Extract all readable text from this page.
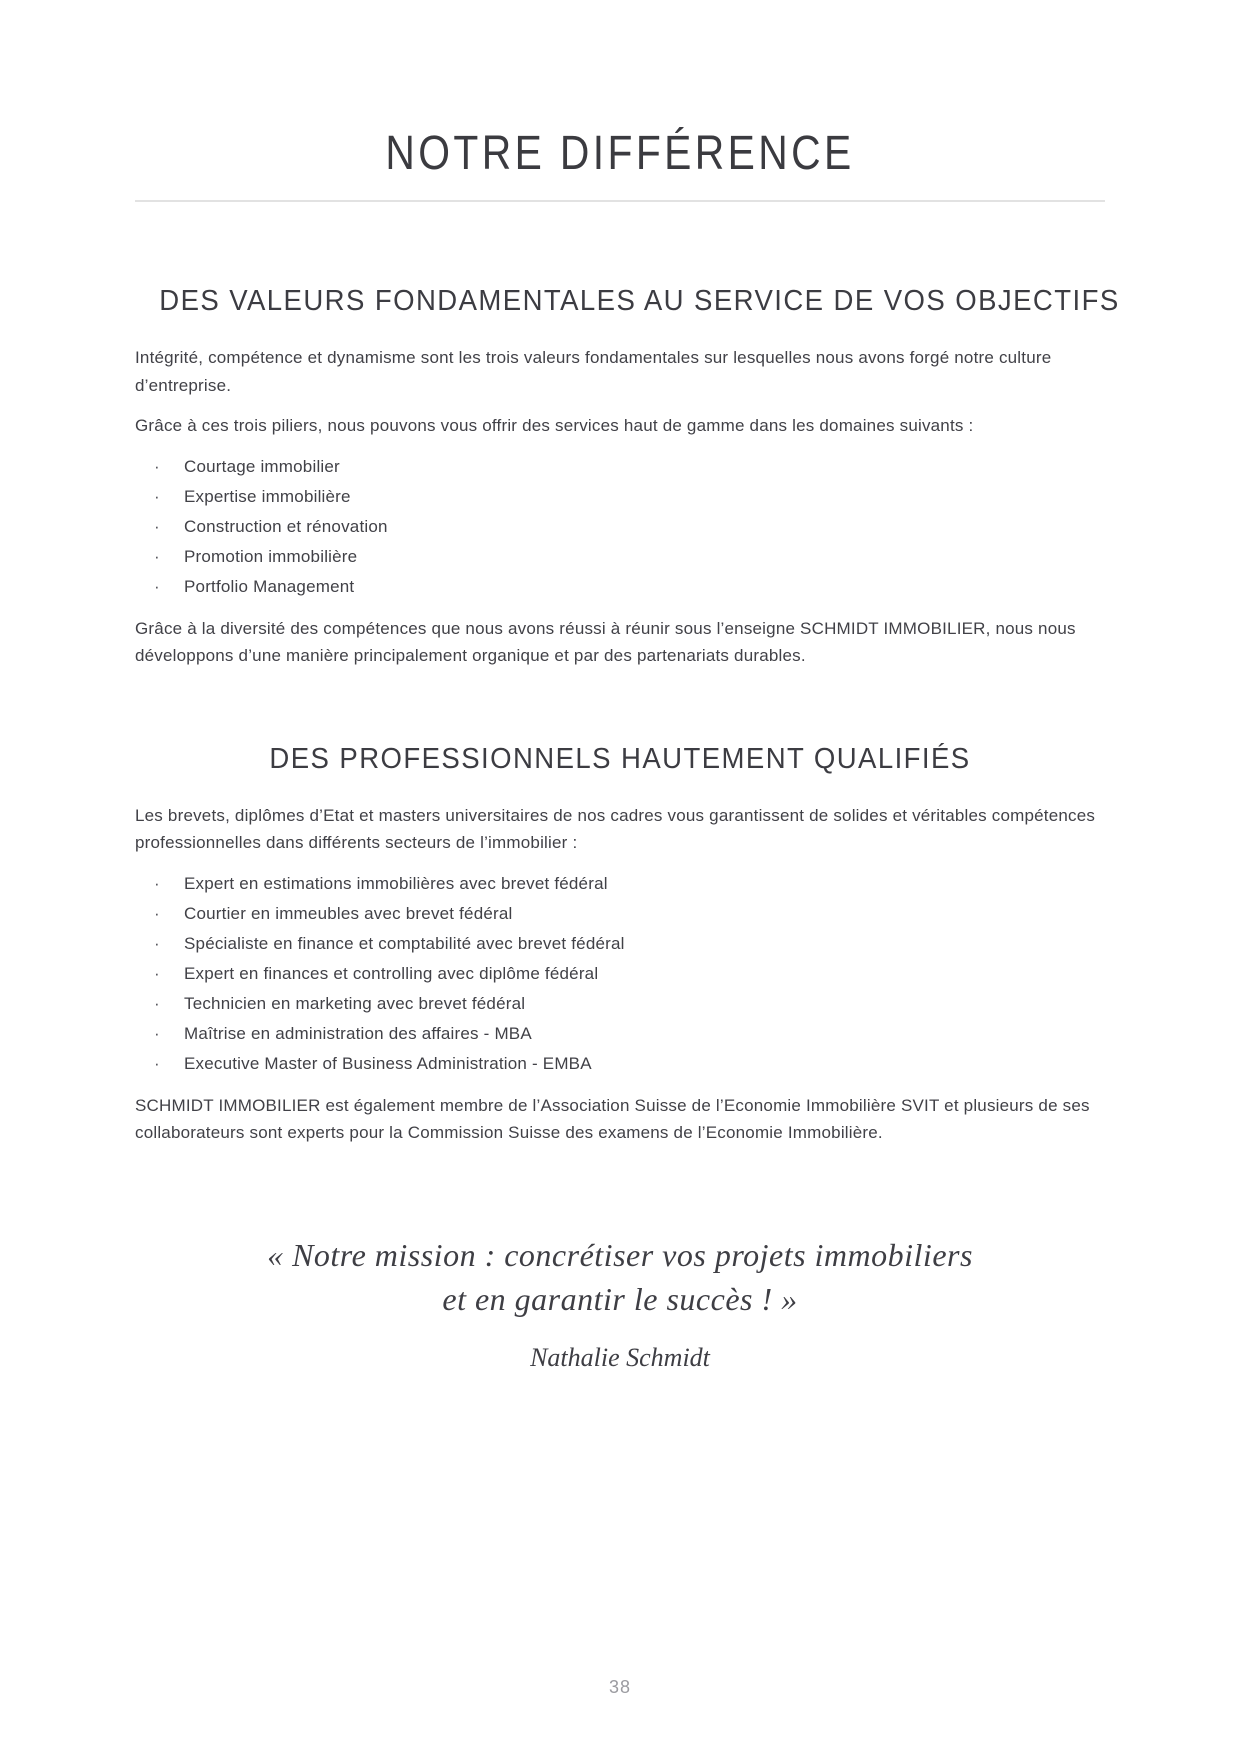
NOTRE DIFFÉRENCE
DES VALEURS FONDAMENTALES AU SERVICE DE VOS OBJECTIFS

Intégrité, compétence et dynamisme sont les trois valeurs fondamentales sur lesquelles nous avons forgé notre culture d’entreprise.

Grâce à ces trois piliers, nous pouvons vous offrir des services haut de gamme dans les domaines suivants :

·	Courtage immobilier
·	Expertise immobilière
·	Construction et rénovation
·	Promotion immobilière
·	Portfolio Management

Grâce à la diversité des compétences que nous avons réussi à réunir sous l’enseigne SCHMIDT IMMOBILIER, nous nous développons d’une manière principalement organique et par des partenariats durables.

DES PROFESSIONNELS HAUTEMENT QUALIFIÉS

Les brevets, diplômes d’Etat et masters universitaires de nos cadres vous garantissent de solides et véritables compétences professionnelles dans différents secteurs de l’immobilier :

·	Expert en estimations immobilières avec brevet fédéral
·	Courtier en immeubles avec brevet fédéral
·	Spécialiste en finance et comptabilité avec brevet fédéral
·	Expert en finances et controlling avec diplôme fédéral
·	Technicien en marketing avec brevet fédéral
·	Maîtrise en administration des affaires - MBA
·	Executive Master of Business Administration - EMBA

SCHMIDT IMMOBILIER est également membre de l’Association Suisse de l’Economie Immobilière SVIT et plusieurs de ses collaborateurs sont experts pour la Commission Suisse des examens de l’Economie Immobilière.

« Notre mission : concrétiser vos projets immobiliers
et en garantir le succès ! »
Nathalie Schmidt
38
